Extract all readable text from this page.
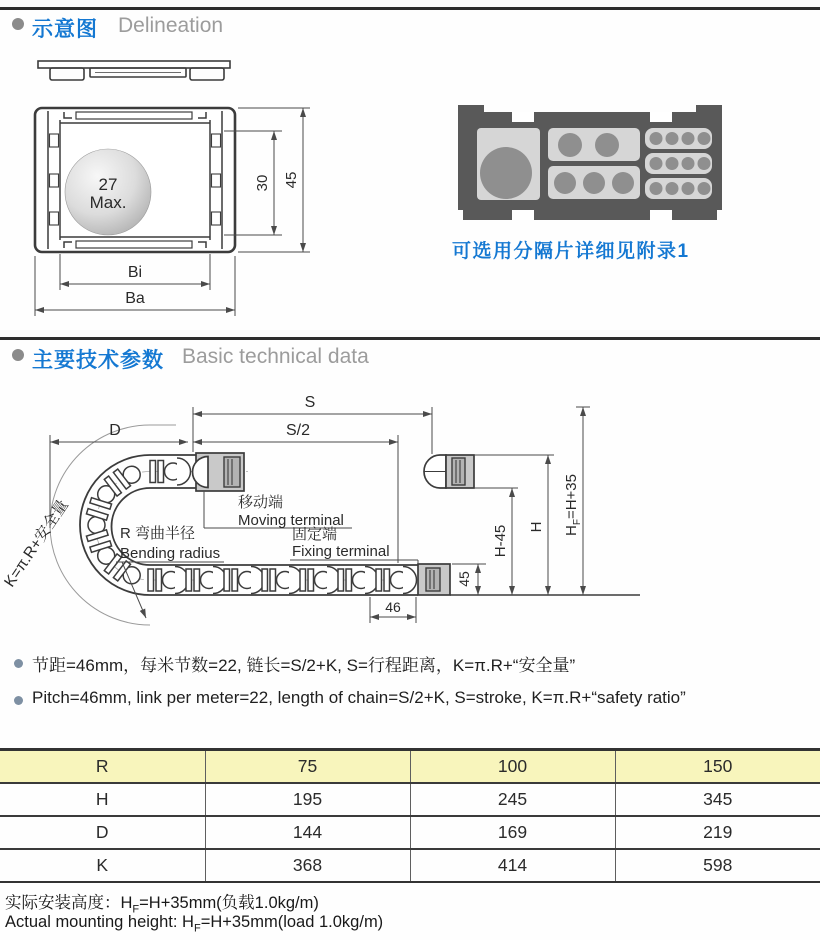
示意图 Delineation
27
Max.
30 45
Bi
Ba
可选用分隔片详细见附录1
主要技术参数 Basic technical data
S
S/2
D
K=π.R+安全量	移动端
Moving terminal
R 弯曲半径
Bending radius
固定端
Fixing terminal
46
45
H-45 H $H_F=H+35$
节距=46mm，每米节数=22, 链长=S/2+K, S=行程距离，K=π.R+“安全量”
Pitch=46mm, link per meter=22, length of chain=S/2+K, S=stroke, K=π.R+“safety ratio”
R	75	100	150
H	195	245	345
D	144	169	219
K	368	414	598
实际安装高度：$H_F=H+35mm$(负载1.0kg/m)
Actual mounting height: $H_F=H+35mm(load$ 1.0kg/m)
